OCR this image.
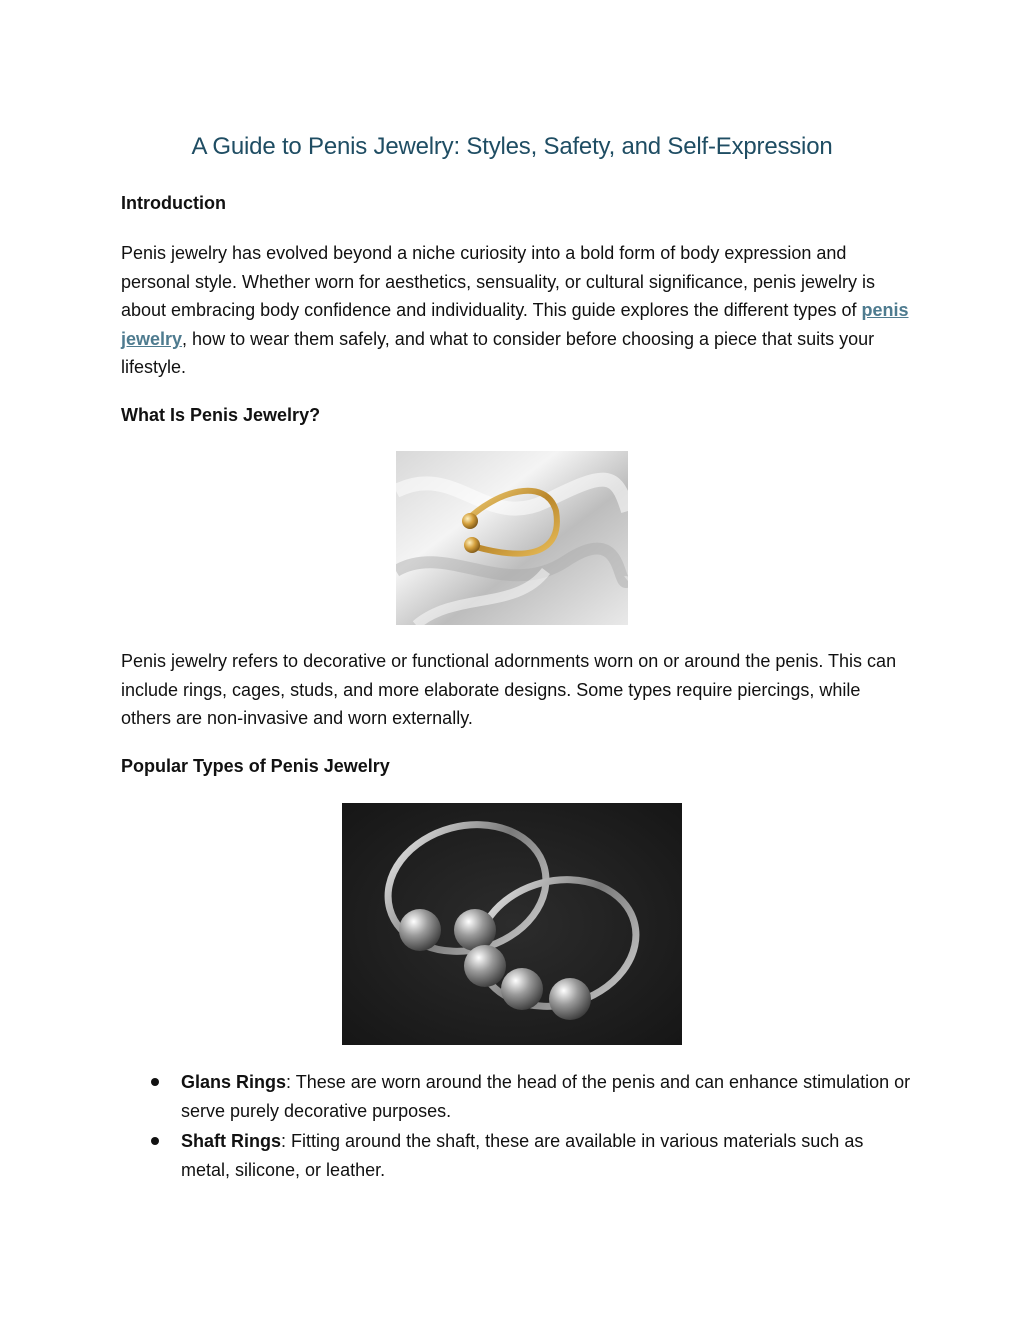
A Guide to Penis Jewelry: Styles, Safety, and Self-Expression
Introduction

Penis jewelry has evolved beyond a niche curiosity into a bold form of body expression and personal style. Whether worn for aesthetics, sensuality, or cultural significance, penis jewelry is about embracing body confidence and individuality. This guide explores the different types of penis jewelry, how to wear them safely, and what to consider before choosing a piece that suits your lifestyle.

What Is Penis Jewelry?

Penis jewelry refers to decorative or functional adornments worn on or around the penis. This can include rings, cages, studs, and more elaborate designs. Some types require piercings, while others are non-invasive and worn externally.

Popular Types of Penis Jewelry
Glans Rings: These are worn around the head of the penis and can enhance stimulation or serve purely decorative purposes.
Shaft Rings: Fitting around the shaft, these are available in various materials such as metal, silicone, or leather.
